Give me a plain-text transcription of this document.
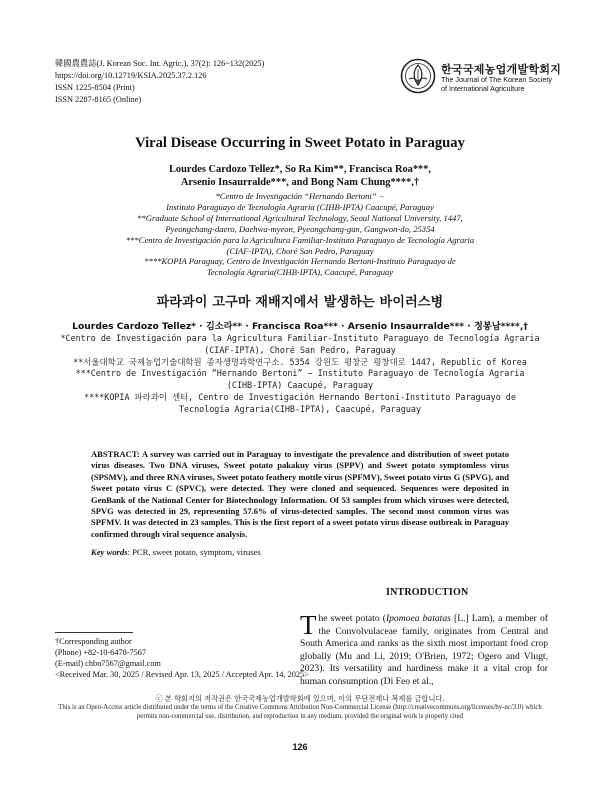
韓國農農誌(J. Korean Soc. Int. Agric.), 37(2): 126~132(2025)
https://doi.org/10.12719/KSIA.2025.37.2.126
ISSN 1225-8504 (Print)
ISSN 2287-8165 (Online)
한국국제농업개발학회지
The Journal of The Korean Society
of International Agriculture
Viral Disease Occurring in Sweet Potato in Paraguay
Lourdes Cardozo Tellez*, So Ra Kim**, Francisca Roa***,
Arsenio Insaurralde***, and Bong Nam Chung****,†
*Centro de Investigación “Hernando Bertoni” −
Instituto Paraguayo de Tecnología Agraria (CIHB-IPTA) Caacupé, Paraguay
**Graduate School of International Agricultural Technology, Seoul National University, 1447,
Pyeongchang-daero, Daehwa-myeon, Pyeongchang-gun, Gangwon-do, 25354
***Centro de Investigación para la Agricultura Familiar-Instituto Paraguayo de Tecnología Agraria
(CIAF-IPTA), Choré San Pedro, Paraguay
****KOPIA Paraguay, Centro de Investigación Hernando Bertoni-Instituto Paraguayo de
Tecnología Agraria(CIHB-IPTA), Caacupé, Paraguay
파라과이 고구마 재배지에서 발생하는 바이러스병
Lourdes Cardozo Tellez* · 김소라** · Francisca Roa*** · Arsenio Insaurralde*** · 정봉남****,†
*Centro de Investigación para la Agricultura Familiar-Instituto Paraguayo de Tecnología Agraria
(CIAF-IPTA), Choré San Pedro, Paraguay
**서울대학교 국제농업기술대학원 종자생명과학연구소. 5354 강원도 평창군 평창대로 1447, Republic of Korea
***Centro de Investigación “Hernando Bertoni” − Instituto Paraguayo de Tecnología Agraria
(CIHB-IPTA) Caacupé, Paraguay
****KOPIA 파라과이 센터, Centro de Investigación Hernando Bertoni-Instituto Paraguayo de
Tecnología Agraria(CIHB-IPTA), Caacupé, Paraguay
ABSTRACT: A survey was carried out in Paraguay to investigate the prevalence and distribution of sweet potato virus diseases. Two DNA viruses, Sweet potato pakakuy virus (SPPV) and Sweet potato symptomless virus (SPSMV), and three RNA viruses, Sweet potato feathery mottle virus (SPFMV), Sweet potato virus G (SPVG), and Sweet potato virus C (SPVC), were detected. They were cloned and sequenced. Sequences were deposited in GenBank of the National Center for Biotechnology Information. Of 53 samples from which viruses were detected, SPVG was detected in 29, representing 57.6% of virus-detected samples. The second most common virus was SPFMV. It was detected in 23 samples. This is the first report of a sweet potato virus disease outbreak in Paraguay confirmed through viral sequence analysis.
Key words: PCR, sweet potato, symptom, viruses
INTRODUCTION
The sweet potato (Ipomoea batatas [L.] Lam), a member of the Convolvulaceae family, originates from Central and South America and ranks as the sixth most important food crop globally (Mu and Li, 2019; O'Brien, 1972; Ogero and Vlugt, 2023). Its versatility and hardiness make it a vital crop for human consumption (Di Feo et al.,
†Corresponding author
(Phone) +82-10-6478-7567
(E-mail) chbn7567@gmail.com
<Received Mar. 30, 2025 / Revised Apr. 13, 2025 / Accepted Apr. 14, 2025>
ⓒ 본 학회지의 저작권은 한국국제농업개발학회에 있으며, 이의 무단전재나 복제를 금합니다.
This is an Open-Access article distributed under the terms of the Creative Commons Attribution Non-Commercial License (http://creativecommons.org/licenses/by-nc/3.0) which
permits non-commercial use, distribution, and reproduction in any medium, provided the original work is properly cited
126
